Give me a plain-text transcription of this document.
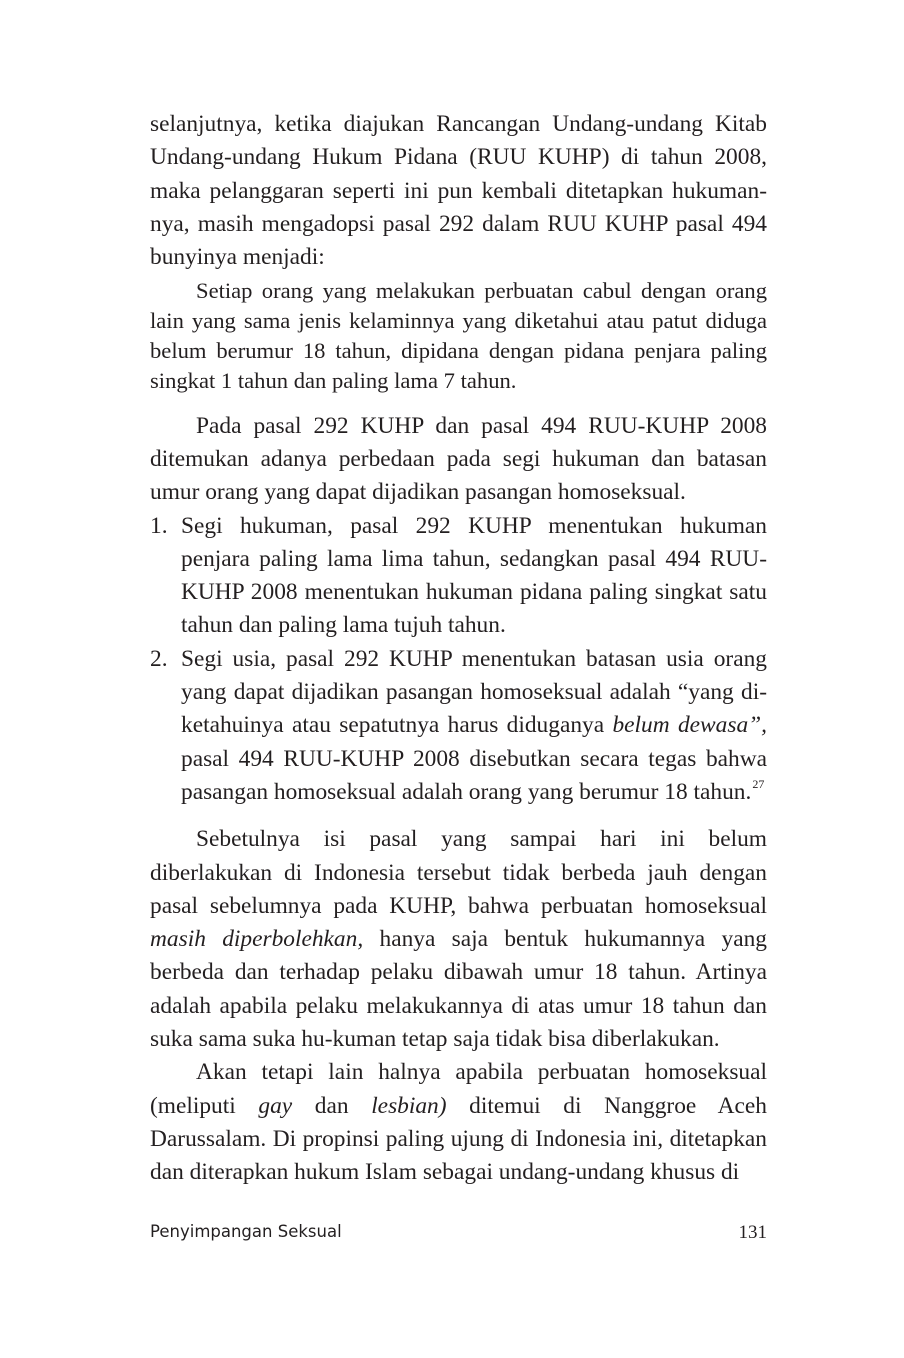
selanjutnya, ketika diajukan Rancangan Undang-undang Kitab Undang-undang Hukum Pidana (RUU KUHP) di tahun 2008, maka pelanggaran seperti ini pun kembali ditetapkan hukuman-nya, masih mengadopsi pasal 292 dalam RUU KUHP pasal 494 bunyinya menjadi:

Setiap orang yang melakukan perbuatan cabul dengan orang lain yang sama jenis kelaminnya yang diketahui atau patut diduga belum berumur 18 tahun, dipidana dengan pidana penjara paling singkat 1 tahun dan paling lama 7 tahun.

Pada pasal 292 KUHP dan pasal 494 RUU-KUHP 2008 ditemukan adanya perbedaan pada segi hukuman dan batasan umur orang yang dapat dijadikan pasangan homoseksual.

1. Segi hukuman, pasal 292 KUHP menentukan hukuman penjara paling lama lima tahun, sedangkan pasal 494 RUU-KUHP 2008 menentukan hukuman pidana paling singkat satu tahun dan paling lama tujuh tahun.
2. Segi usia, pasal 292 KUHP menentukan batasan usia orang yang dapat dijadikan pasangan homoseksual adalah “yang di-ketahuinya atau sepatutnya harus diduganya belum dewasa”, pasal 494 RUU-KUHP 2008 disebutkan secara tegas bahwa pasangan homoseksual adalah orang yang berumur 18 tahun.$^{27}$

Sebetulnya isi pasal yang sampai hari ini belum diberlakukan di Indonesia tersebut tidak berbeda jauh dengan pasal sebelumnya pada KUHP, bahwa perbuatan homoseksual masih diperbolehkan, hanya saja bentuk hukumannya yang berbeda dan terhadap pelaku dibawah umur 18 tahun. Artinya adalah apabila pelaku melakukannya di atas umur 18 tahun dan suka sama suka hu-kuman tetap saja tidak bisa diberlakukan.

Akan tetapi lain halnya apabila perbuatan homoseksual (meliputi gay dan lesbian) ditemui di Nanggroe Aceh Darussalam. Di propinsi paling ujung di Indonesia ini, ditetapkan dan diterapkan hukum Islam sebagai undang-undang khusus di

Penyimpangan Seksual	131
